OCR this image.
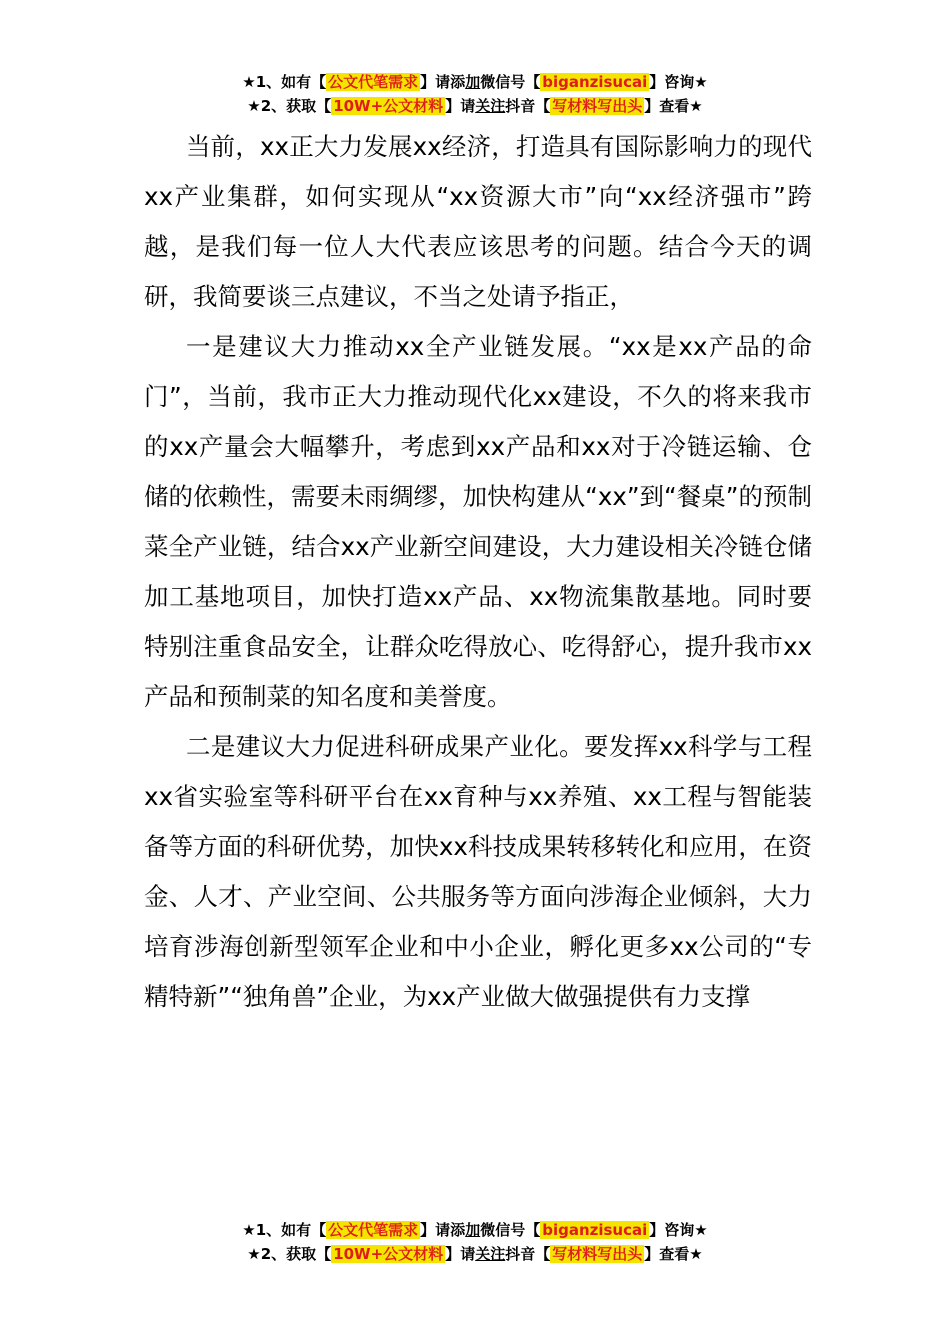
★1、如有【 公文代笔需求 】请添加微信号【 biganzisucai 】咨询★
★2、获取【 10W+公文材料 】请关注抖音【 写材料写出头 】查看★

当前，xx正大力发展xx经济，打造具有国际影响力的现代xx产业集群，如何实现从“xx资源大市”向“xx经济强市”跨越，是我们每一位人大代表应该思考的问题。结合今天的调研，我简要谈三点建议，不当之处请予指正，

一是建议大力推动xx全产业链发展。“xx是xx产品的命门”，当前，我市正大力推动现代化xx建设，不久的将来我市的xx产量会大幅攀升，考虑到xx产品和xx对于冷链运输、仓储的依赖性，需要未雨绸缪，加快构建从“xx”到“餐桌”的预制菜全产业链，结合xx产业新空间建设，大力建设相关冷链仓储加工基地项目，加快打造xx产品、xx物流集散基地。同时要特别注重食品安全，让群众吃得放心、吃得舒心，提升我市xx产品和预制菜的知名度和美誉度。

二是建议大力促进科研成果产业化。要发挥xx科学与工程xx省实验室等科研平台在xx育种与xx养殖、xx工程与智能装备等方面的科研优势，加快xx科技成果转移转化和应用，在资金、人才、产业空间、公共服务等方面向涉海企业倾斜，大力培育涉海创新型领军企业和中小企业，孵化更多xx公司的“专精特新”“独角兽”企业，为xx产业做大做强提供有力支撑

★1、如有【 公文代笔需求 】请添加微信号【 biganzisucai 】咨询★
★2、获取【 10W+公文材料 】请关注抖音【 写材料写出头 】查看★
